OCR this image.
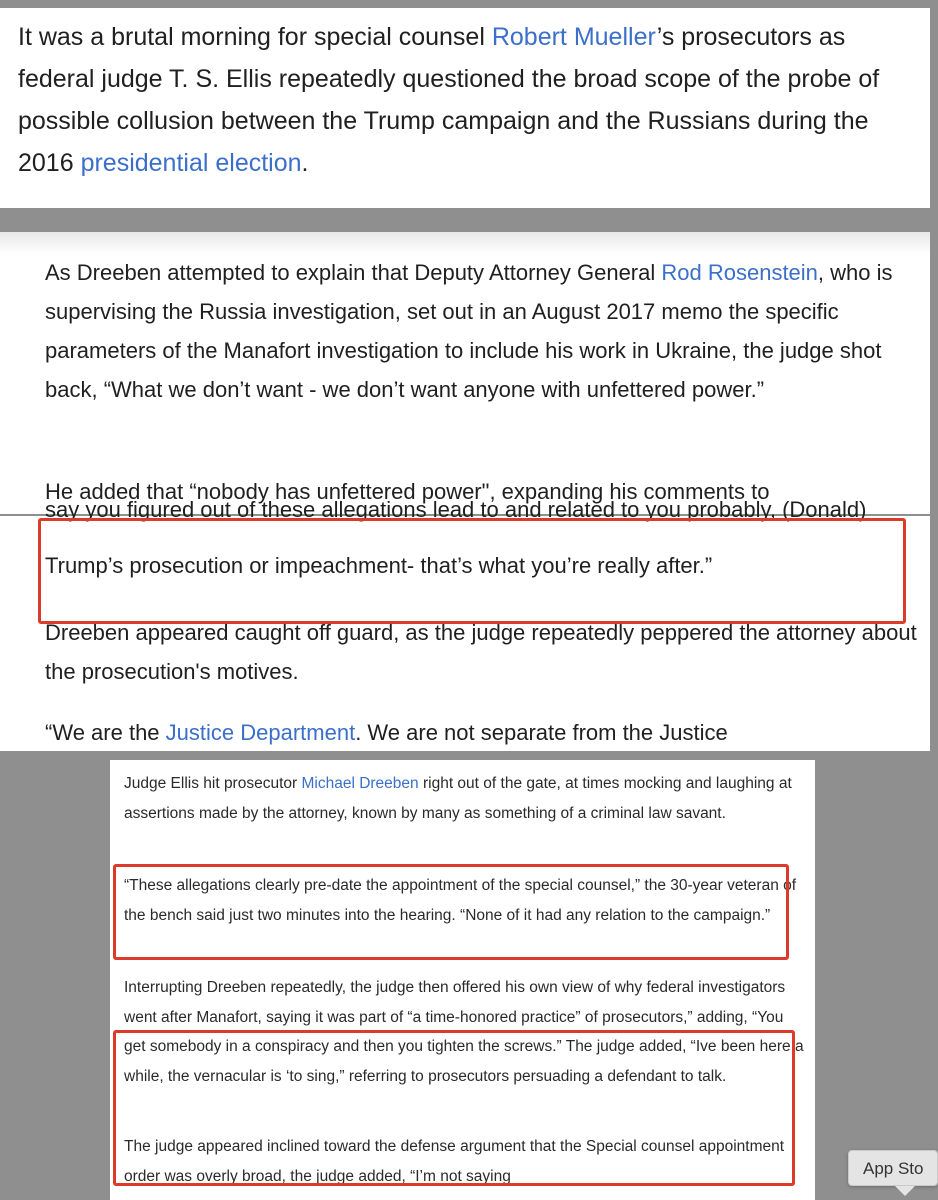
It was a brutal morning for special counsel Robert Mueller’s prosecutors as federal judge T. S. Ellis repeatedly questioned the broad scope of the probe of possible collusion between the Trump campaign and the Russians during the 2016 presidential election.

As Dreeben attempted to explain that Deputy Attorney General Rod Rosenstein, who is supervising the Russia investigation, set out in an August 2017 memo the specific parameters of the Manafort investigation to include his work in Ukraine, the judge shot back, “What we don’t want - we don’t want anyone with unfettered power.”

He added that “nobody has unfettered power", expanding his comments to

say you figured out of these allegations lead to and related to you probably, (Donald)

Trump’s prosecution or impeachment- that’s what you’re really after.”

Dreeben appeared caught off guard, as the judge repeatedly peppered the attorney about the prosecution's motives.

“We are the Justice Department. We are not separate from the Justice

Judge Ellis hit prosecutor Michael Dreeben right out of the gate, at times mocking and laughing at assertions made by the attorney, known by many as something of a criminal law savant.

“These allegations clearly pre-date the appointment of the special counsel,” the 30-year veteran of the bench said just two minutes into the hearing. “None of it had any relation to the campaign.”

Interrupting Dreeben repeatedly, the judge then offered his own view of why federal investigators went after Manafort, saying it was part of “a time-honored practice” of prosecutors,” adding, “You get somebody in a conspiracy and then you tighten the screws.” The judge added, “Ive been here a while, the vernacular is ‘to sing,” referring to prosecutors persuading a defendant to talk.

The judge appeared inclined toward the defense argument that the Special counsel appointment order was overly broad, the judge added, “I’m not saying	App Sto
